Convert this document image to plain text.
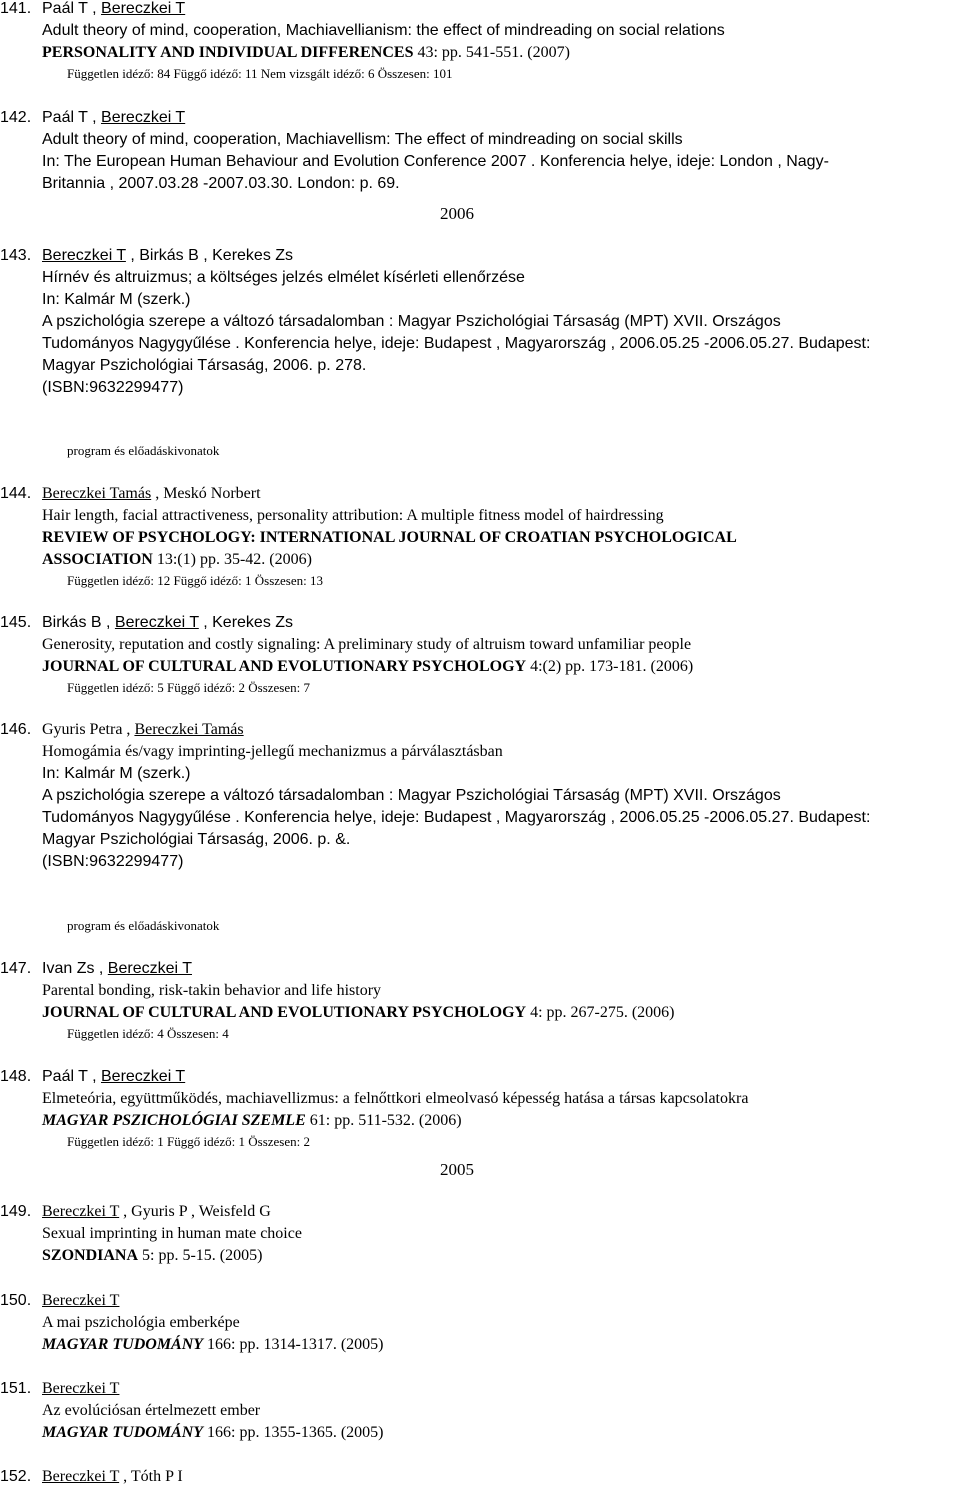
141. Paál T , Bereczkei T
Adult theory of mind, cooperation, Machiavellianism: the effect of mindreading on social relations
PERSONALITY AND INDIVIDUAL DIFFERENCES 43: pp. 541-551. (2007)
Független idéző: 84 Függő idéző: 11 Nem vizsgált idéző: 6 Összesen: 101
142. Paál T , Bereczkei T
Adult theory of mind, cooperation, Machiavellism: The effect of mindreading on social skills
In: The European Human Behaviour and Evolution Conference 2007 . Konferencia helye, ideje: London , Nagy-
Britannia , 2007.03.28 -2007.03.30. London: p. 69.
2006
143. Bereczkei T , Birkás B , Kerekes Zs
Hírnév és altruizmus; a költséges jelzés elmélet kísérleti ellenőrzése
In: Kalmár M (szerk.)
A pszichológia szerepe a változó társadalomban : Magyar Pszichológiai Társaság (MPT) XVII. Országos
Tudományos Nagygyűlése . Konferencia helye, ideje: Budapest , Magyarország , 2006.05.25 -2006.05.27. Budapest:
Magyar Pszichológiai Társaság, 2006. p. 278.
(ISBN:9632299477)
program és előadáskivonatok
144. Bereczkei Tamás , Meskó Norbert
Hair length, facial attractiveness, personality attribution: A multiple fitness model of hairdressing
REVIEW OF PSYCHOLOGY: INTERNATIONAL JOURNAL OF CROATIAN PSYCHOLOGICAL
ASSOCIATION 13:(1) pp. 35-42. (2006)
Független idéző: 12 Függő idéző: 1 Összesen: 13
145. Birkás B , Bereczkei T , Kerekes Zs
Generosity, reputation and costly signaling: A preliminary study of altruism toward unfamiliar people
JOURNAL OF CULTURAL AND EVOLUTIONARY PSYCHOLOGY 4:(2) pp. 173-181. (2006)
Független idéző: 5 Függő idéző: 2 Összesen: 7
146. Gyuris Petra , Bereczkei Tamás
Homogámia és/vagy imprinting-jellegű mechanizmus a párválasztásban
In: Kalmár M (szerk.)
A pszichológia szerepe a változó társadalomban : Magyar Pszichológiai Társaság (MPT) XVII. Országos
Tudományos Nagygyűlése . Konferencia helye, ideje: Budapest , Magyarország , 2006.05.25 -2006.05.27. Budapest:
Magyar Pszichológiai Társaság, 2006. p. &.
(ISBN:9632299477)
program és előadáskivonatok
147. Ivan Zs , Bereczkei T
Parental bonding, risk-takin behavior and life history
JOURNAL OF CULTURAL AND EVOLUTIONARY PSYCHOLOGY 4: pp. 267-275. (2006)
Független idéző: 4 Összesen: 4
148. Paál T , Bereczkei T
Elmeteória, együttműködés, machiavellizmus: a felnőttkori elmeolvasó képesség hatása a társas kapcsolatokra
MAGYAR PSZICHOLÓGIAI SZEMLE 61: pp. 511-532. (2006)
Független idéző: 1 Függő idéző: 1 Összesen: 2
2005
149. Bereczkei T , Gyuris P , Weisfeld G
Sexual imprinting in human mate choice
SZONDIANA 5: pp. 5-15. (2005)
150. Bereczkei T
A mai pszichológia emberképe
MAGYAR TUDOMÁNY 166: pp. 1314-1317. (2005)
151. Bereczkei T
Az evolúciósan értelmezett ember
MAGYAR TUDOMÁNY 166: pp. 1355-1365. (2005)
152. Bereczkei T , Tóth P I
